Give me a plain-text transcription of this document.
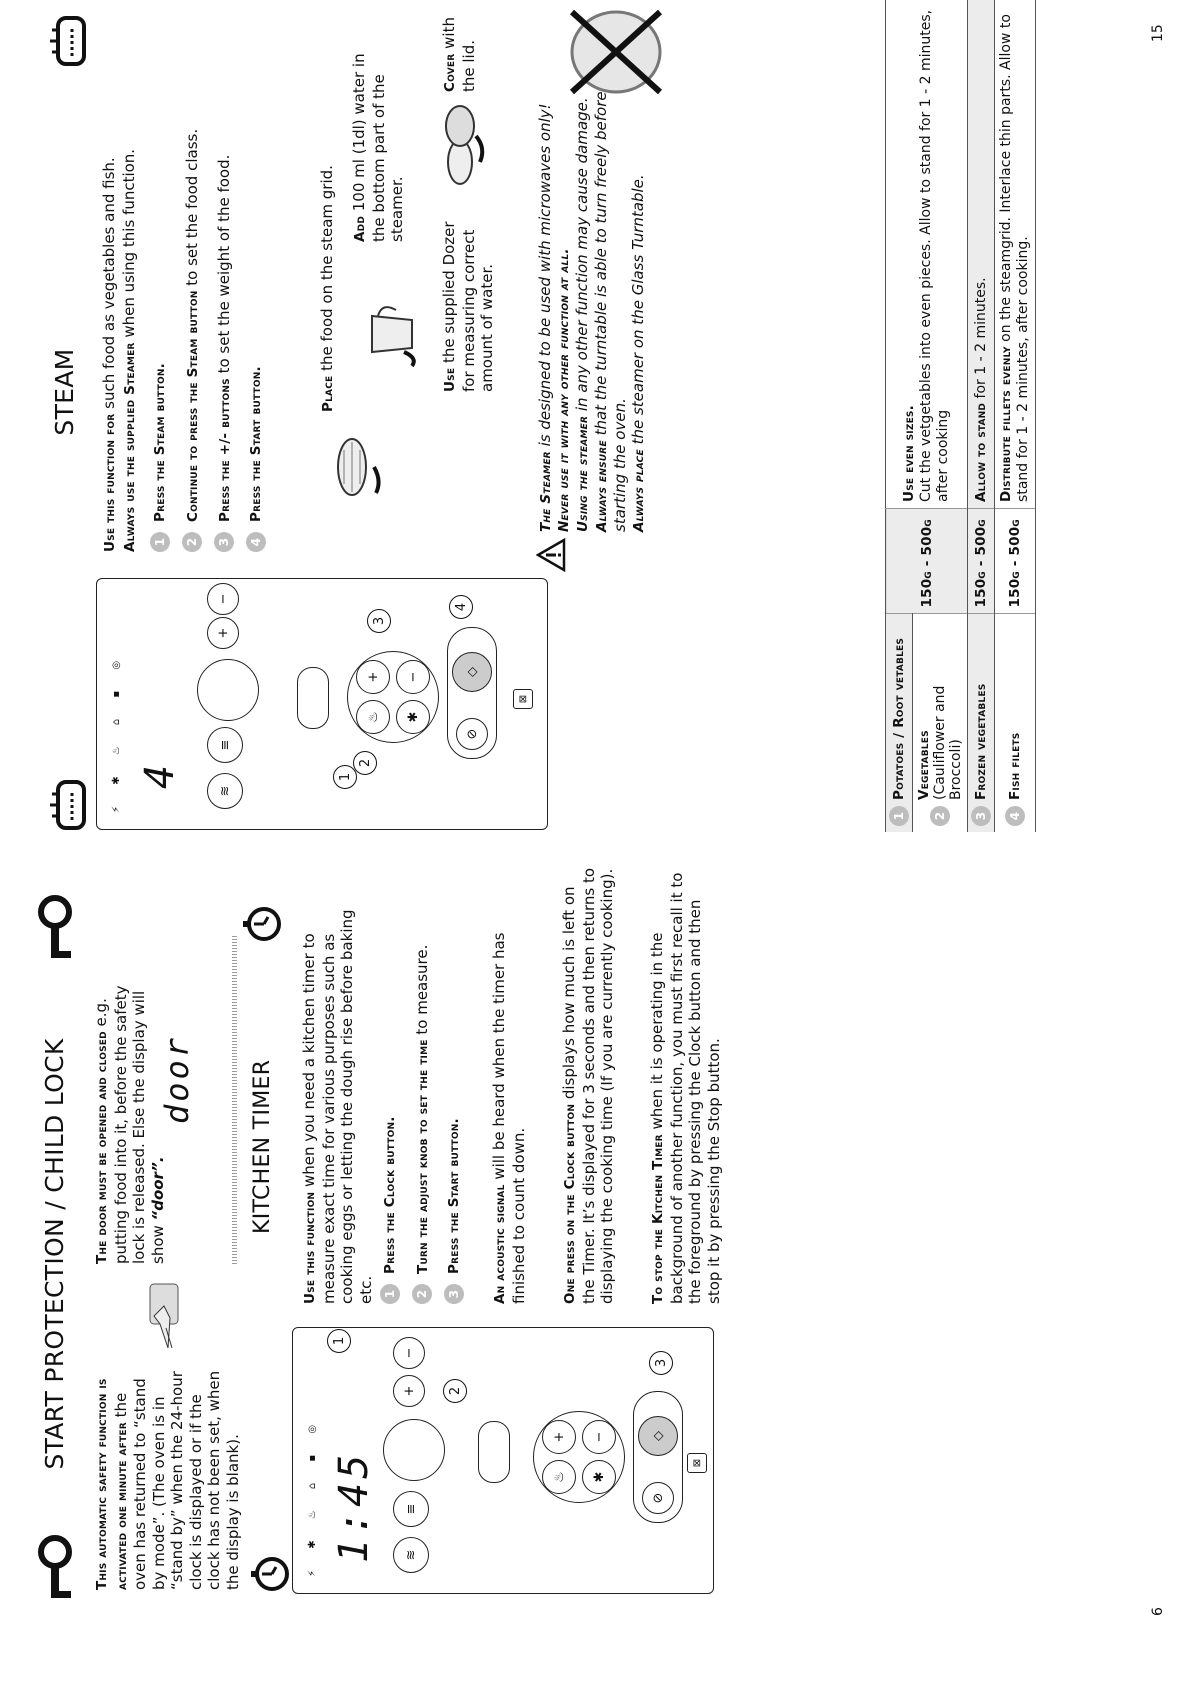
START PROTECTION / CHILD LOCK

This automatic safety function is activated one minute after the oven has returned to “stand by mode”. (The oven is in “stand by” when the 24-hour clock is displayed or if the clock has not been set, when the display is blank).

The door must be opened and closed e.g. putting food into it, before the safety lock is released. Else the display will show “door”.

door KITCHEN TIMER
⚡ ✱ ♨ ⌂ ▪ ◎ 1:45	≋
≡
+
−
♨
+
✱
−
⊘
◇
⊠
1
2
3

Use this function when you need a kitchen timer to measure exact time for various purposes such as cooking eggs or letting the dough rise before baking etc. 1
Press the Clock button.
2
Turn the adjust knob to set the time to measure.
3
Press the Start button. An acoustic signal will be heard when the timer has finished to count down.	One press on the Clock button displays how much is left on the Timer. It’s displayed for 3 seconds and then returns to displaying the cooking time (If you are currently cooking).	To stop the Kitchen Timer when it is operating in the background of another function, you must first recall it to the foreground by pressing the Clock button and then stop it by pressing the Stop button.

6
STEAM
⚡ ✱ ♨ ⌂ ▪ ◎ 4
≋
≡
+
−
♨
+
✱
−
⊘
◇
⊠
1
2
3
4

Use this function for such food as vegetables and fish.
Always use the supplied Steamer when using this function.

1
Press the Steam button.
2
Continue to press the Steam button to set the food class.
3
Press the +/- buttons to set the weight of the food.
4
Press the Start button.	Place the food on the steam grid. Add 100 ml (1dl) water in the bottom part of the steamer.

Use the supplied Dozer for measuring correct amount of water.

Cover with the lid.

The Steamer is designed to be used with microwaves only! Never use it with any other function at all. Using the steamer in any other function may cause damage.
Always ensure that the turntable is able to turn freely before starting the oven. Always place the steamer on the Glass Turntable.
1
Potatoes / Root vetables	150g - 500g	Use even sizes.
Cut the vetgetables into even pieces. Allow to stand for 1 - 2 minutes, after cooking

2
Vegetables
(Cauliflower and Broccoli)		

3
Frozen vegetables	150g - 500g	Allow to stand for 1 - 2 minutes.

4
Fish filets	150g - 500g	Distribute fillets evenly on the steamgrid. Interlace thin parts. Allow to stand for 1 - 2 minutes, after cooking.
15
